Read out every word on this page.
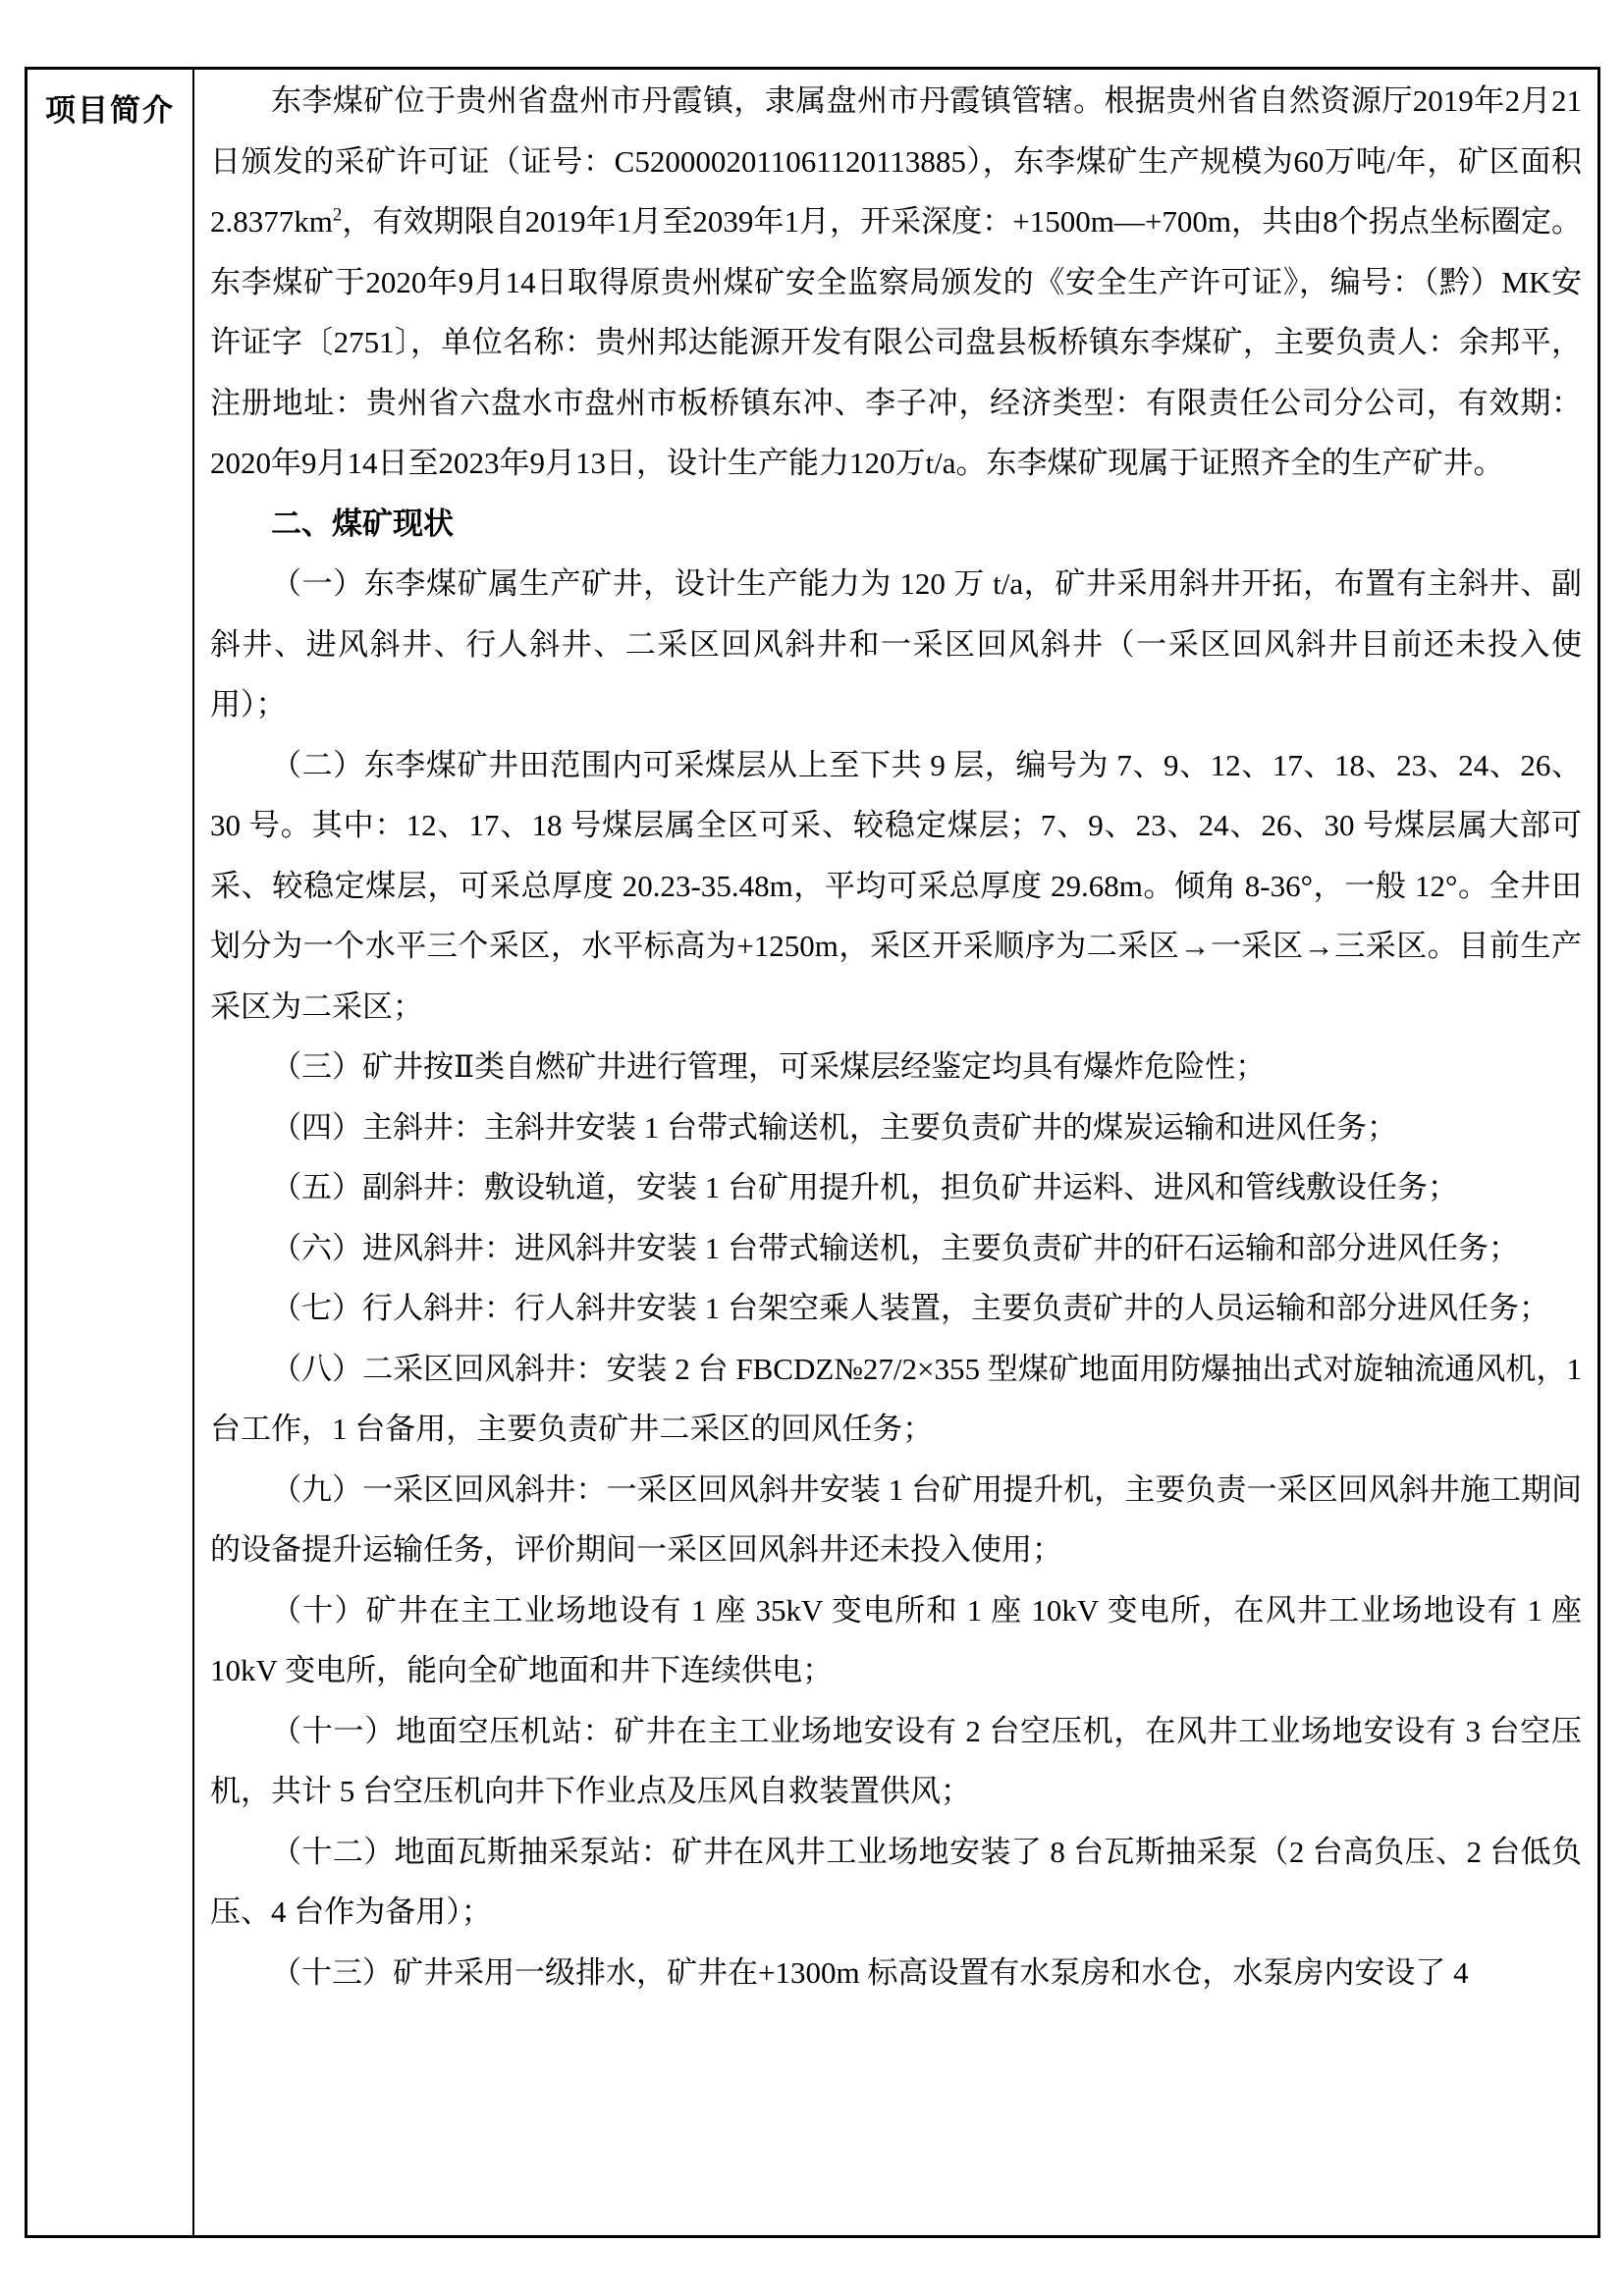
项目简介	东李煤矿位于贵州省盘州市丹霞镇，隶属盘州市丹霞镇管辖。根据贵州省自然资源厅2019年2月21日颁发的采矿许可证（证号：C5200002011061120113885），东李煤矿生产规模为60万吨/年，矿区面积$2.8377km^2$，有效期限自2019年1月至2039年1月，开采深度：+1500m—+700m，共由8个拐点坐标圈定。东李煤矿于2020年9月14日取得原贵州煤矿安全监察局颁发的《安全生产许可证》，编号：（黔）MK安许证字〔2751〕，单位名称：贵州邦达能源开发有限公司盘县板桥镇东李煤矿，主要负责人：余邦平，注册地址：贵州省六盘水市盘州市板桥镇东冲、李子冲，经济类型：有限责任公司分公司，有效期：2020年9月14日至2023年9月13日，设计生产能力120万t/a。东李煤矿现属于证照齐全的生产矿井。

二、煤矿现状

（一）东李煤矿属生产矿井，设计生产能力为 120 万 t/a，矿井采用斜井开拓，布置有主斜井、副斜井、进风斜井、行人斜井、二采区回风斜井和一采区回风斜井（一采区回风斜井目前还未投入使用）；

（二）东李煤矿井田范围内可采煤层从上至下共 9 层，编号为 7、9、12、17、18、23、24、26、30 号。其中：12、17、18 号煤层属全区可采、较稳定煤层；7、9、23、24、26、30 号煤层属大部可采、较稳定煤层，可采总厚度 20.23-35.48m，平均可采总厚度 29.68m。倾角 8-36°，一般 12°。全井田划分为一个水平三个采区，水平标高为+1250m，采区开采顺序为二采区→一采区→三采区。目前生产采区为二采区；

（三）矿井按Ⅱ类自燃矿井进行管理，可采煤层经鉴定均具有爆炸危险性；

（四）主斜井：主斜井安装 1 台带式输送机，主要负责矿井的煤炭运输和进风任务；

（五）副斜井：敷设轨道，安装 1 台矿用提升机，担负矿井运料、进风和管线敷设任务；

（六）进风斜井：进风斜井安装 1 台带式输送机，主要负责矿井的矸石运输和部分进风任务；

（七）行人斜井：行人斜井安装 1 台架空乘人装置，主要负责矿井的人员运输和部分进风任务；

（八）二采区回风斜井：安装 2 台 FBCDZ№27/2×355 型煤矿地面用防爆抽出式对旋轴流通风机，1 台工作，1 台备用，主要负责矿井二采区的回风任务；

（九）一采区回风斜井：一采区回风斜井安装 1 台矿用提升机，主要负责一采区回风斜井施工期间的设备提升运输任务，评价期间一采区回风斜井还未投入使用；

（十）矿井在主工业场地设有 1 座 35kV 变电所和 1 座 10kV 变电所，在风井工业场地设有 1 座 10kV 变电所，能向全矿地面和井下连续供电；

（十一）地面空压机站：矿井在主工业场地安设有 2 台空压机，在风井工业场地安设有 3 台空压机，共计 5 台空压机向井下作业点及压风自救装置供风；

（十二）地面瓦斯抽采泵站：矿井在风井工业场地安装了 8 台瓦斯抽采泵（2 台高负压、2 台低负压、4 台作为备用）；

（十三）矿井采用一级排水，矿井在+1300m 标高设置有水泵房和水仓，水泵房内安设了 4
